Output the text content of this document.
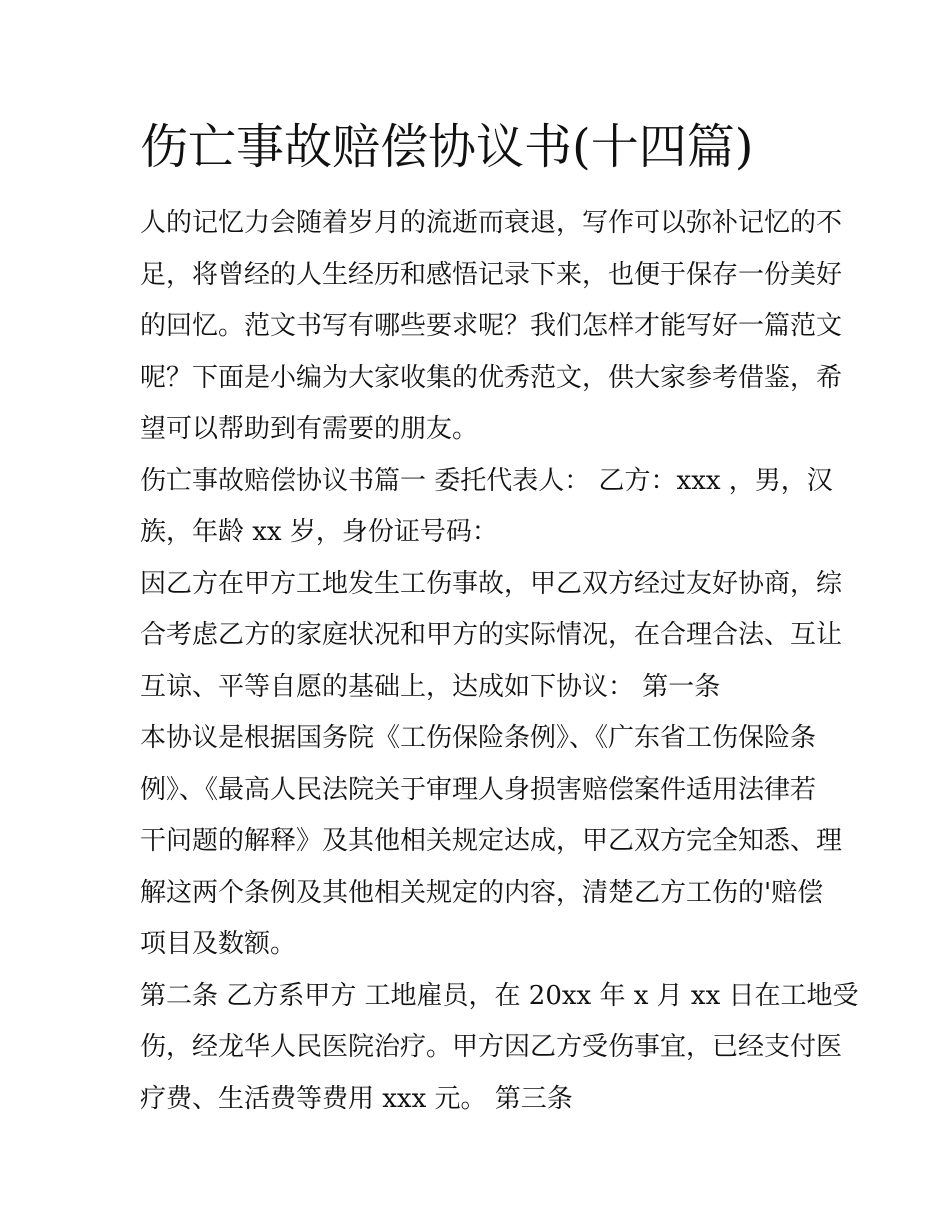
伤亡事故赔偿协议书(十四篇)

人的记忆力会随着岁月的流逝而衰退，写作可以弥补记忆的不

足，将曾经的人生经历和感悟记录下来，也便于保存一份美好

的回忆。范文书写有哪些要求呢？我们怎样才能写好一篇范文

呢？下面是小编为大家收集的优秀范文，供大家参考借鉴，希

望可以帮助到有需要的朋友。

伤亡事故赔偿协议书篇一 委托代表人： 乙方：xxx ，男，汉

族，年龄 xx 岁，身份证号码：

因乙方在甲方工地发生工伤事故，甲乙双方经过友好协商，综

合考虑乙方的家庭状况和甲方的实际情况，在合理合法、互让

互谅、平等自愿的基础上，达成如下协议： 第一条

本协议是根据国务院《工伤保险条例》、《广东省工伤保险条

例》、《最高人民法院关于审理人身损害赔偿案件适用法律若

干问题的解释》及其他相关规定达成，甲乙双方完全知悉、理

解这两个条例及其他相关规定的内容，清楚乙方工伤的'赔偿

项目及数额。

第二条 乙方系甲方 工地雇员，在 20xx 年 x 月 xx 日在工地受

伤，经龙华人民医院治疗。甲方因乙方受伤事宜，已经支付医

疗费、生活费等费用 xxx 元。 第三条
